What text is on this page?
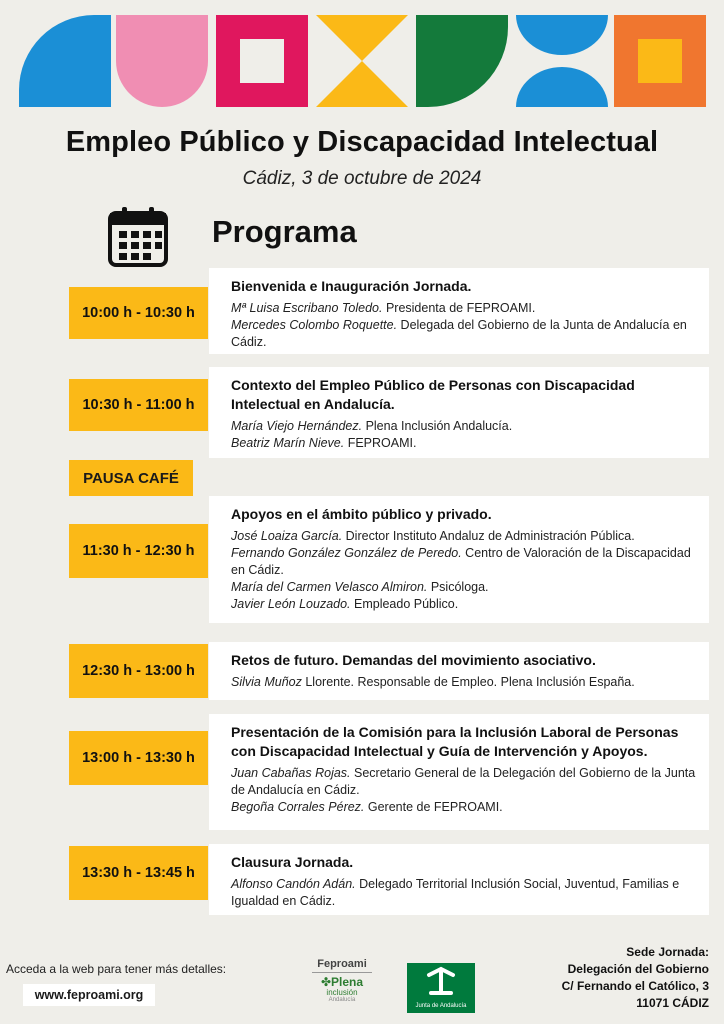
Empleo Público y Discapacidad Intelectual
Cádiz, 3 de octubre de 2024
Programa
10:00 h - 10:30 h
Bienvenida e Inauguración Jornada.
Mª Luisa Escribano Toledo. Presidenta de FEPROAMI.
Mercedes Colombo Roquette. Delegada del Gobierno de la Junta de Andalucía en Cádiz.
10:30 h - 11:00 h
Contexto del Empleo Público de Personas con Discapacidad Intelectual en Andalucía.
María Viejo Hernández. Plena Inclusión Andalucía.
Beatriz Marín Nieve. FEPROAMI.
PAUSA CAFÉ
11:30 h - 12:30 h
Apoyos en el ámbito público y privado.
José Loaiza García. Director Instituto Andaluz de Administración Pública.
Fernando González González de Peredo. Centro de Valoración de la Discapacidad en Cádiz.
María del Carmen Velasco Almiron. Psicóloga.
Javier León Louzado. Empleado Público.
12:30 h - 13:00 h
Retos de futuro. Demandas del movimiento asociativo.
Silvia Muñoz Llorente. Responsable de Empleo. Plena Inclusión España.
13:00 h - 13:30 h
Presentación de la Comisión para la Inclusión Laboral de Personas con Discapacidad Intelectual y Guía de Intervención y Apoyos.
Juan Cabañas Rojas. Secretario General de la Delegación del Gobierno de la Junta de Andalucía en Cádiz.
Begoña Corrales Pérez. Gerente de FEPROAMI.
13:30 h - 13:45 h
Clausura Jornada.
Alfonso Candón Adán. Delegado Territorial Inclusión Social, Juventud, Familias e Igualdad en Cádiz.
Acceda a la web para tener más detalles:
www.feproami.org
Feproami
✤Plena
inclusión
Andalucía
Junta de Andalucía
Sede Jornada:
Delegación del Gobierno
C/ Fernando el Católico, 3
11071 CÁDIZ
